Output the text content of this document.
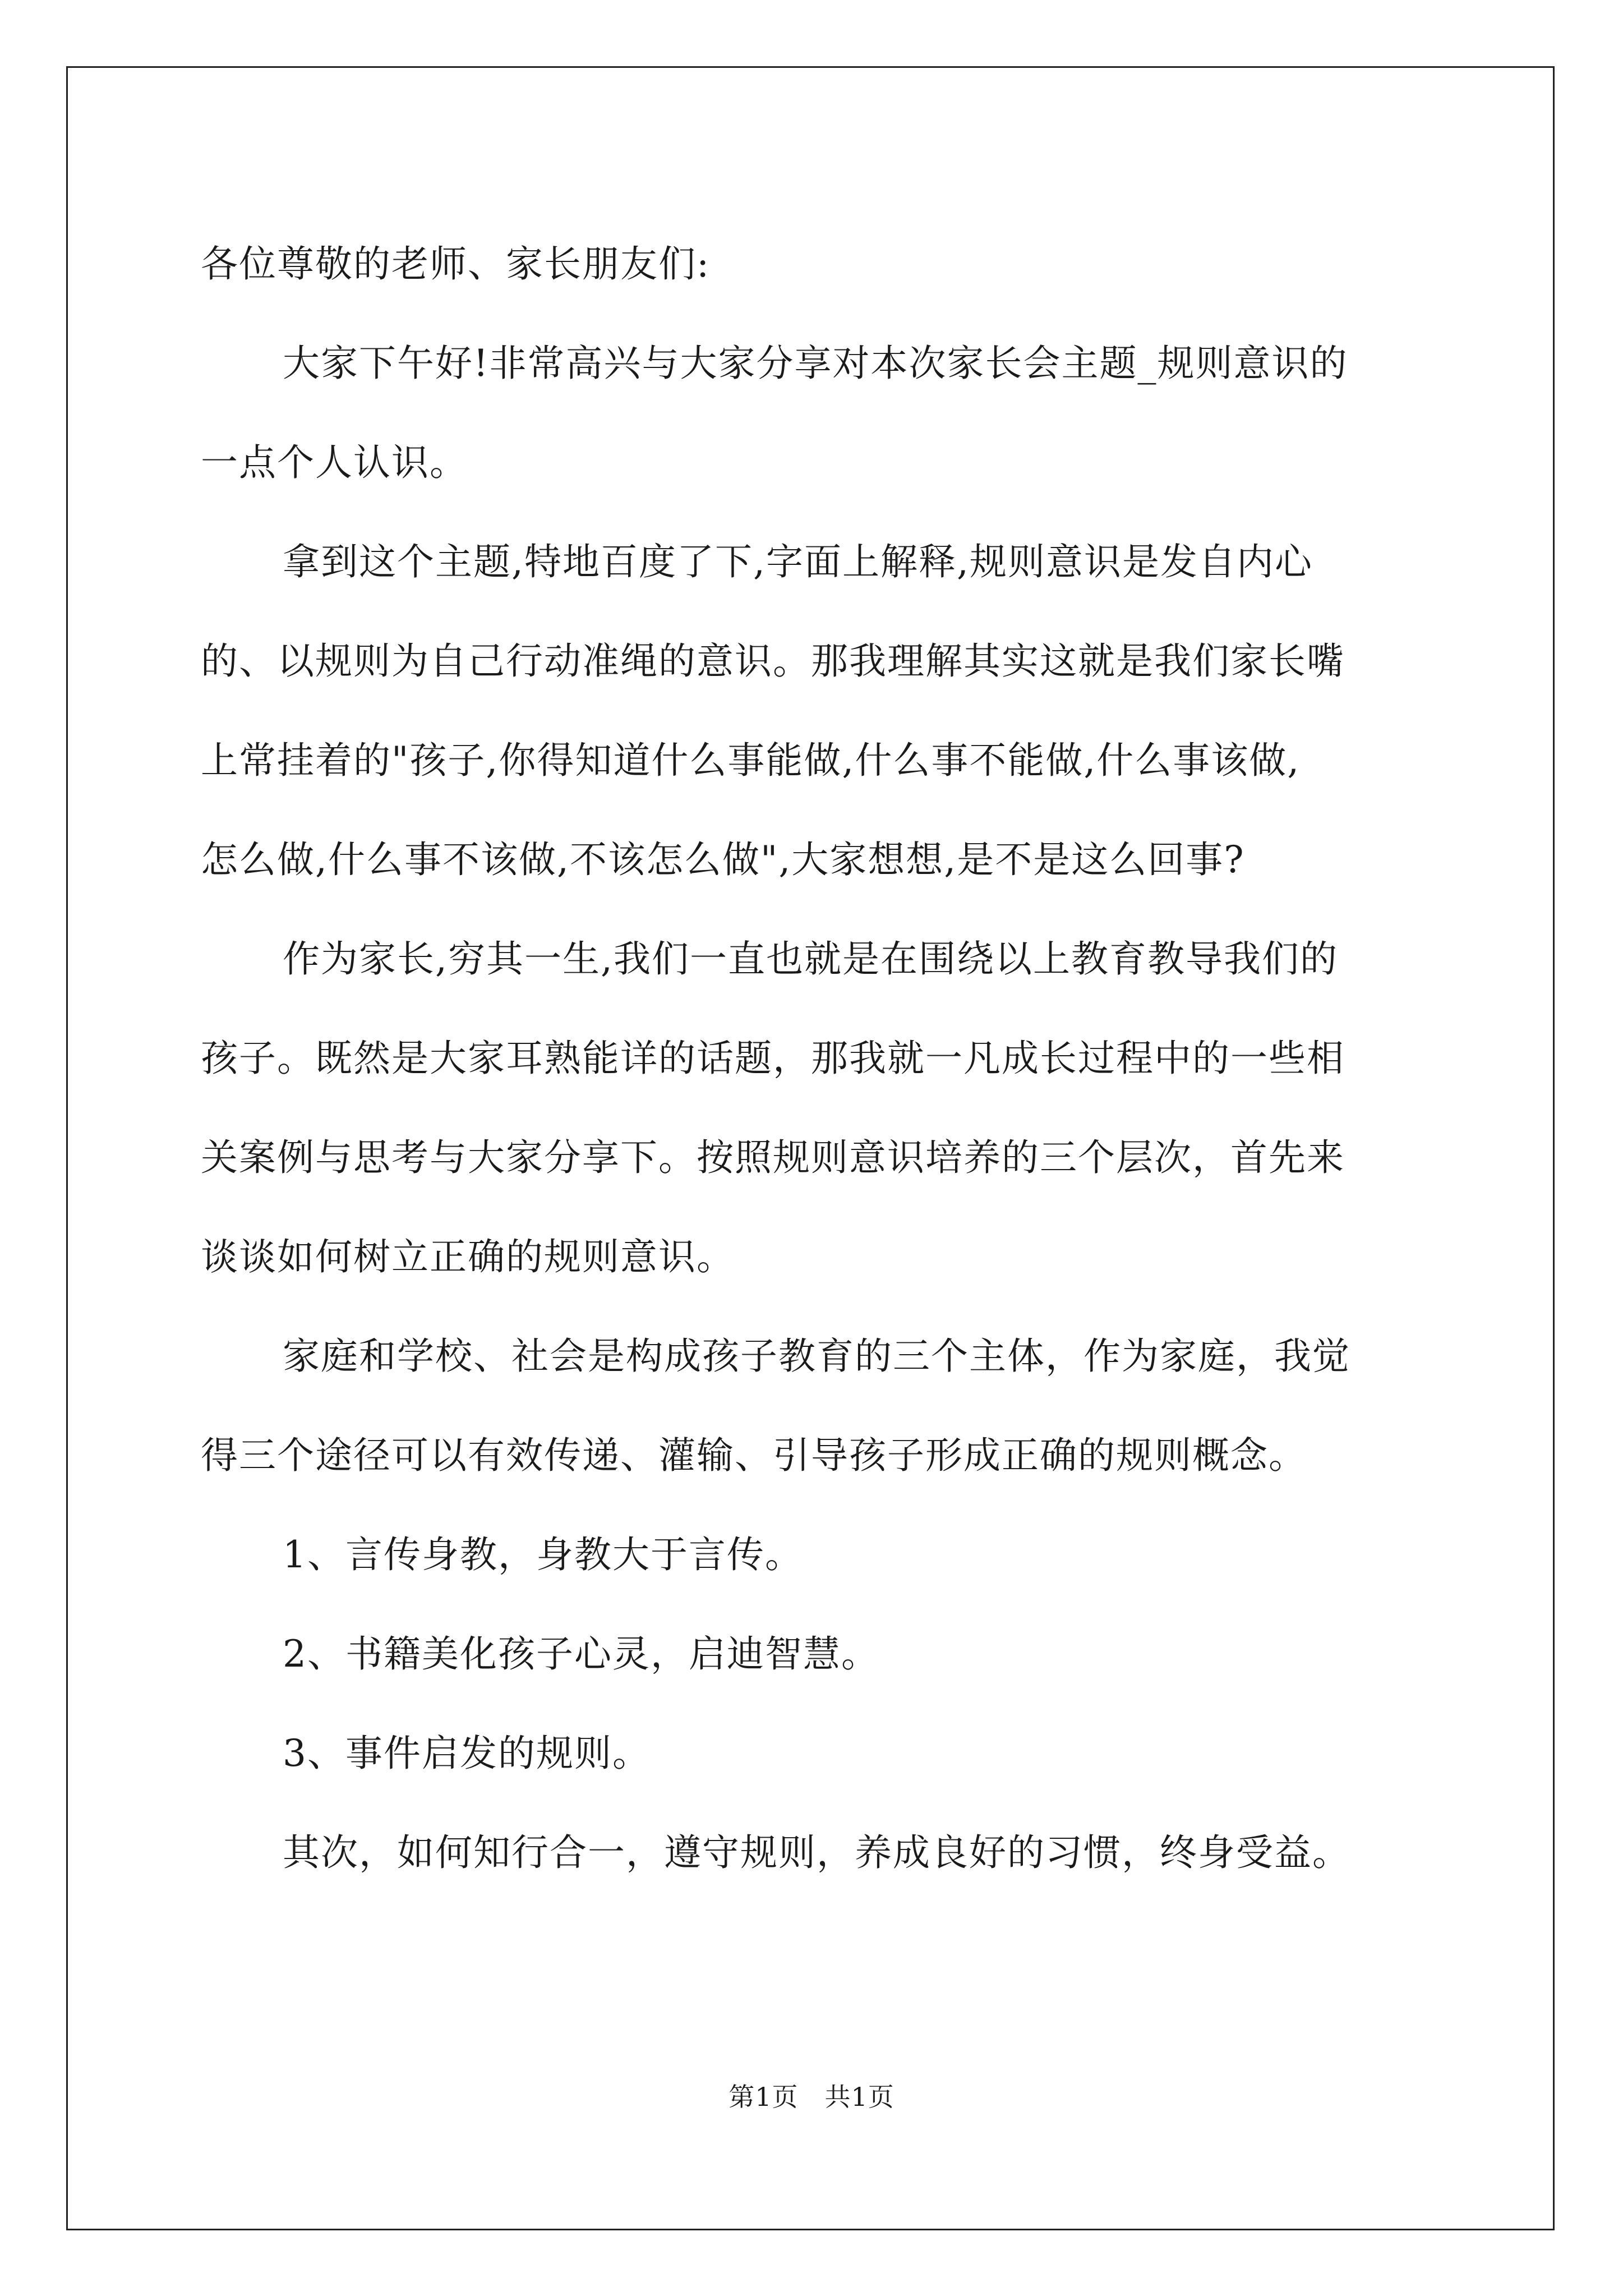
各位尊敬的老师、家长朋友们:
大家下午好!非常高兴与大家分享对本次家长会主题_规则意识的
一点个人认识。
拿到这个主题,特地百度了下,字面上解释,规则意识是发自内心
的、以规则为自己行动准绳的意识。那我理解其实这就是我们家长嘴
上常挂着的"孩子,你得知道什么事能做,什么事不能做,什么事该做,
怎么做,什么事不该做,不该怎么做",大家想想,是不是这么回事?
作为家长,穷其一生,我们一直也就是在围绕以上教育教导我们的
孩子。既然是大家耳熟能详的话题，那我就一凡成长过程中的一些相
关案例与思考与大家分享下。按照规则意识培养的三个层次，首先来
谈谈如何树立正确的规则意识。
家庭和学校、社会是构成孩子教育的三个主体，作为家庭，我觉
得三个途径可以有效传递、灌输、引导孩子形成正确的规则概念。
1、言传身教，身教大于言传。
2、书籍美化孩子心灵，启迪智慧。
3、事件启发的规则。
其次，如何知行合一，遵守规则，养成良好的习惯，终身受益。
第1页　共1页
